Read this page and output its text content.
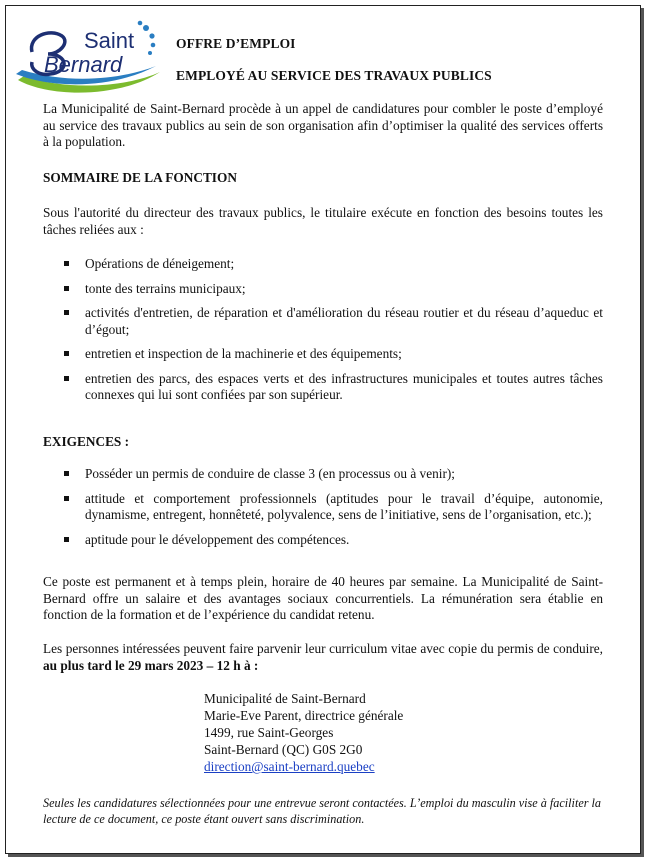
Saint
Bernard
OFFRE D’EMPLOI
EMPLOYÉ AU SERVICE DES TRAVAUX PUBLICS
La Municipalité de Saint-Bernard procède à un appel de candidatures pour combler le poste d’employé au service des travaux publics au sein de son organisation afin d’optimiser la qualité des services offerts à la population.
SOMMAIRE DE LA FONCTION
Sous l'autorité du directeur des travaux publics, le titulaire exécute en fonction des besoins toutes les tâches reliées aux :
Opérations de déneigement;
tonte des terrains municipaux;
activités d'entretien, de réparation et d'amélioration du réseau routier et du réseau d’aqueduc et d’égout;
entretien et inspection de la machinerie et des équipements;
entretien des parcs, des espaces verts et des infrastructures municipales et toutes autres tâches connexes qui lui sont confiées par son supérieur.
EXIGENCES :
Posséder un permis de conduire de classe 3 (en processus ou à venir);
attitude et comportement professionnels (aptitudes pour le travail d’équipe, autonomie, dynamisme, entregent, honnêteté, polyvalence, sens de l’initiative, sens de l’organisation, etc.);
aptitude pour le développement des compétences.
Ce poste est permanent et à temps plein, horaire de 40 heures par semaine. La Municipalité de Saint-Bernard offre un salaire et des avantages sociaux concurrentiels. La rémunération sera établie en fonction de la formation et de l’expérience du candidat retenu.
Les personnes intéressées peuvent faire parvenir leur curriculum vitae avec copie du permis de conduire, au plus tard le 29 mars 2023 – 12 h à :
Municipalité de Saint-Bernard
Marie-Eve Parent, directrice générale
1499, rue Saint-Georges
Saint-Bernard (QC) G0S 2G0
direction@saint-bernard.quebec
Seules les candidatures sélectionnées pour une entrevue seront contactées. L’emploi du masculin vise à faciliter la lecture de ce document, ce poste étant ouvert sans discrimination.
